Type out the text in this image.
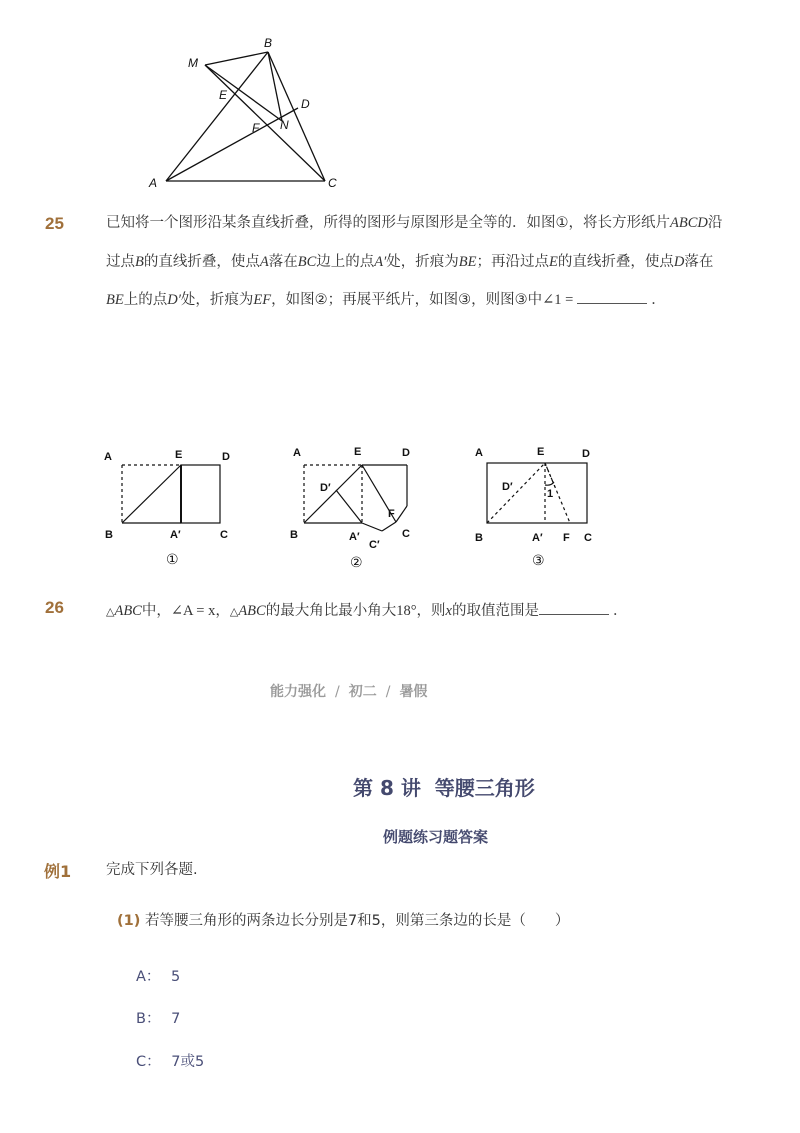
M
B
E
D
F N
A	C
25	已知将一个图形沿某条直线折叠，所得的图形与原图形是全等的．如图①，将长方形纸片ABCD沿
过点B的直线折叠，使点A落在BC边上的点A′处，折痕为BE；再沿过点E的直线折叠，使点D落在
BE上的点D′处，折痕为EF，如图②；再展平纸片，如图③，则图③中∠1 =	．
A	E	D
B	A′	C
A	E	D
D′
F
B	A′
C′
C
A	E	D
D′
1
B	A′ F C
①	②	③
26	△ABC中，∠A = x，△ABC的最大角比最小角大18°，则x的取值范围是	．
能力强化 / 初二 / 暑假
第 8 讲  等腰三角形
例题练习题答案
例1 完成下列各题.
(1) 若等腰三角形的两条边长分别是7和5，则第三条边的长是（　　）
A： 5
B： 7
C： 7或5
